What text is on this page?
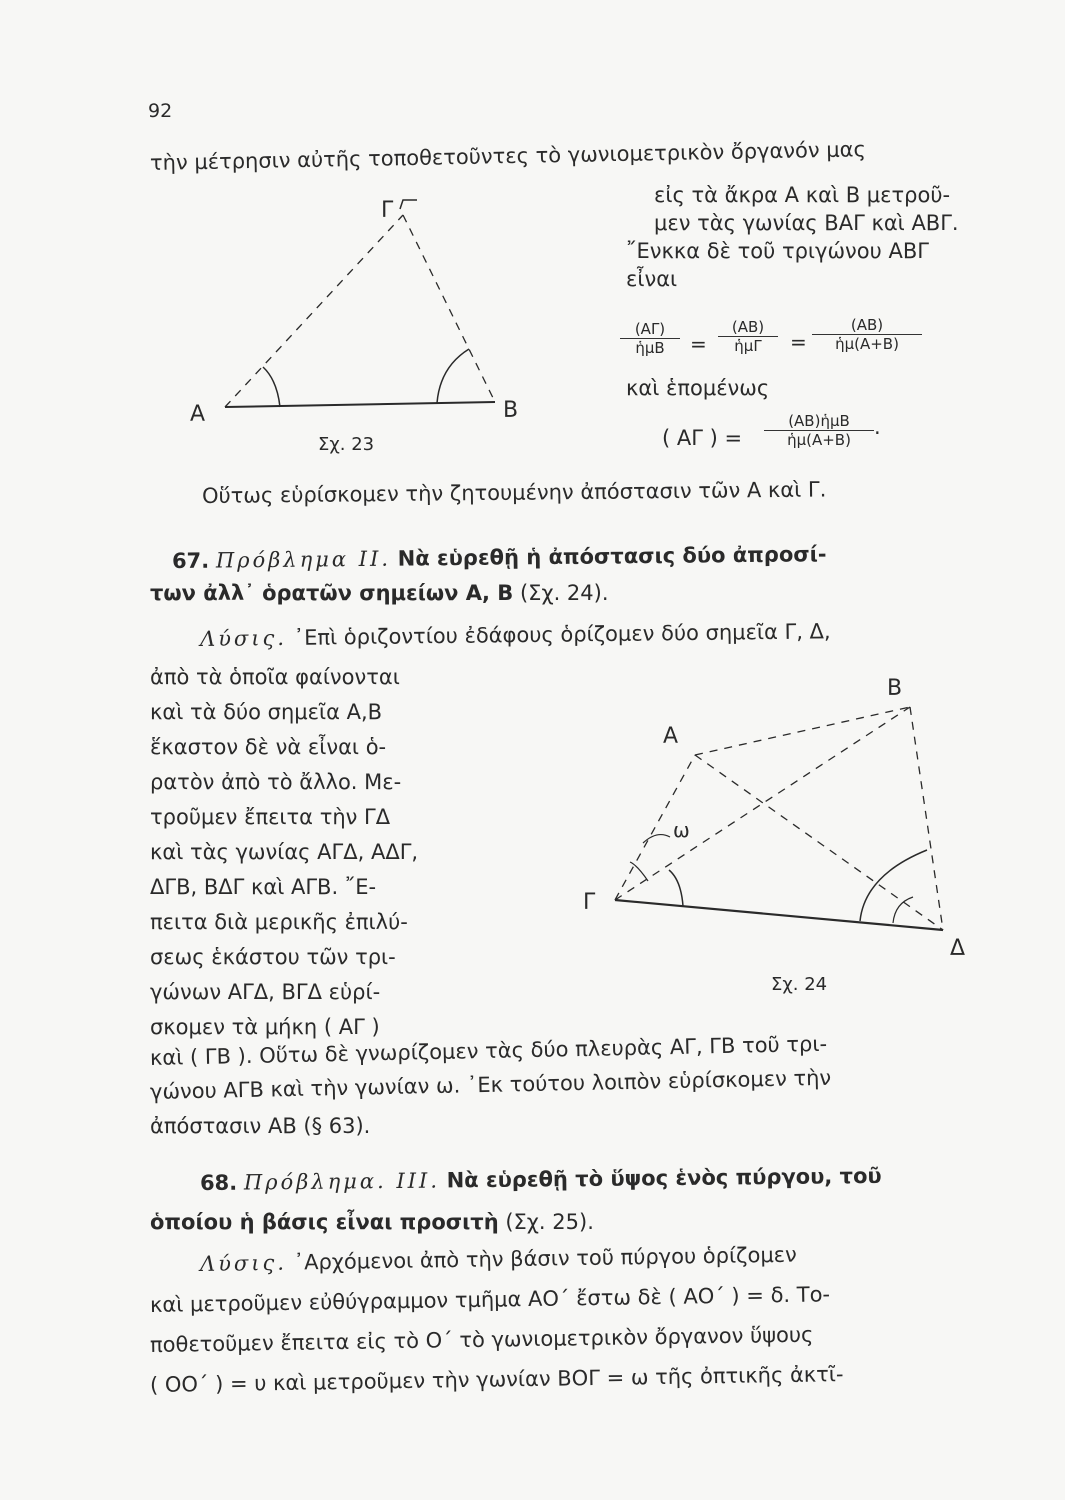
92
τὴν μέτρησιν αὐτῆς τοποθετοῦντες τὸ γωνιομετρικὸν ὄργανόν μας
εἰς τὰ ἄκρα Α καὶ Β μετροῦ-
μεν τὰς γωνίας ΒΑΓ καὶ ΑΒΓ.
῎Ενκκα δὲ τοῦ τριγώνου ΑΒΓ
εἶναι
(ΑΓ)
ἡμΒ	=
(ΑΒ)
ἡμΓ	= $\frac{(AB)}{\text{ἡμ(Α+Β)}}$
καὶ ἑπομένως
( ΑΓ ) =
(ΑΒ)ἡμΒ
ἡμ(Α+Β)
.
Α	Β
Γ
Σχ. 23
Οὕτως εὑρίσκομεν τὴν ζητουμένην ἀπόστασιν τῶν Α καὶ Γ.
67. Πρόβλημα ΙΙ. Νὰ εὑρεθῇ ἡ ἀπόστασις δύο ἀπροσί-
των ἀλλ᾽ ὁρατῶν σημείων Α, Β (Σχ. 24).
Λύσις. ᾽Επὶ ὁριζοντίου ἐδάφους ὁρίζομεν δύο σημεῖα Γ, Δ,
ἀπὸ τὰ ὁποῖα φαίνονται
καὶ τὰ δύο σημεῖα Α,Β
ἕκαστον δὲ νὰ εἶναι ὁ-
ρατὸν ἀπὸ τὸ ἄλλο. Με-
τροῦμεν ἔπειτα τὴν ΓΔ
καὶ τὰς γωνίας ΑΓΔ, ΑΔΓ,
ΔΓΒ, ΒΔΓ καὶ ΑΓΒ. ῎Ε-
πειτα διὰ μερικῆς ἐπιλύ-
σεως ἑκάστου τῶν τρι-
γώνων ΑΓΔ, ΒΓΔ εὑρί-
σκομεν τὰ μήκη ( ΑΓ )
Β
Α
ω
Γ
Δ
Σχ. 24
καὶ ( ΓΒ ). Οὕτω δὲ γνωρίζομεν τὰς δύο πλευρὰς ΑΓ, ΓΒ τοῦ τρι-
γώνου ΑΓΒ καὶ τὴν γωνίαν ω. ᾽Εκ τούτου λοιπὸν εὑρίσκομεν τὴν
ἀπόστασιν ΑΒ (§ 63).
68. Πρόβλημα. ΙΙΙ. Νὰ εὑρεθῇ τὸ ὕψος ἑνὸς πύργου, τοῦ
ὁποίου ἡ βάσις εἶναι προσιτὴ (Σχ. 25).
Λύσις. ᾽Αρχόμενοι ἀπὸ τὴν βάσιν τοῦ πύργου ὁρίζομεν
καὶ μετροῦμεν εὐθύγραμμον τμῆμα ΑΟ΄ ἔστω δὲ ( ΑΟ΄ ) = δ. Το-
ποθετοῦμεν ἔπειτα εἰς τὸ Ο΄ τὸ γωνιομετρικὸν ὄργανον ὕψους
( ΟΟ΄ ) = υ καὶ μετροῦμεν τὴν γωνίαν ΒΟΓ = ω τῆς ὀπτικῆς ἀκτῖ-
